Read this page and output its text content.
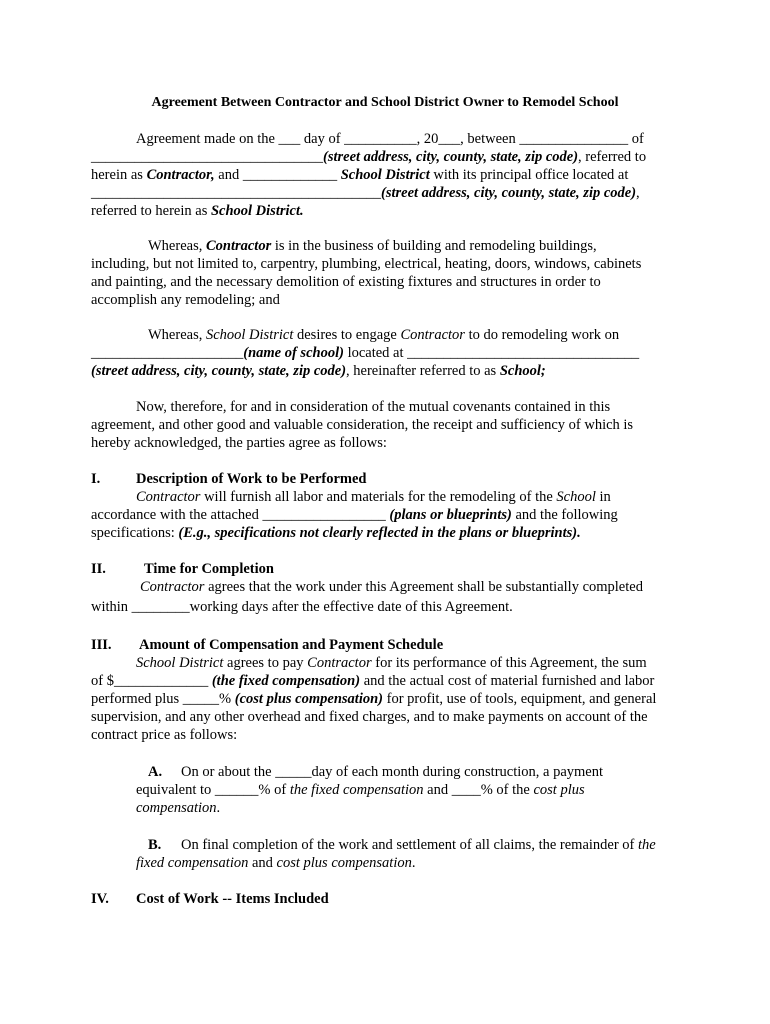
Agreement Between Contractor and School District Owner to Remodel School
Agreement made on the ___ day of __________, 20___, between _______________ of
________________________________(street address, city, county, state, zip code), referred to
herein as Contractor, and _____________ School District with its principal office located at
________________________________________(street address, city, county, state, zip code),
referred to herein as School District.
Whereas, Contractor is in the business of building and remodeling buildings,
including, but not limited to, carpentry, plumbing, electrical, heating, doors, windows, cabinets
and painting, and the necessary demolition of existing fixtures and structures in order to
accomplish any remodeling; and
Whereas, School District desires to engage Contractor to do remodeling work on
_____________________(name of school) located at ________________________________
(street address, city, county, state, zip code), hereinafter referred to as School;
Now, therefore, for and in consideration of the mutual covenants contained in this
agreement, and other good and valuable consideration, the receipt and sufficiency of which is
hereby acknowledged, the parties agree as follows:
I. Description of Work to be Performed
Contractor will furnish all labor and materials for the remodeling of the School in
accordance with the attached _________________ (plans or blueprints) and the following
specifications: (E.g., specifications not clearly reflected in the plans or blueprints).
II.	Time for Completion
Contractor agrees that the work under this Agreement shall be substantially completed
within ________working days after the effective date of this Agreement.
III. Amount of Compensation and Payment Schedule
School District agrees to pay Contractor for its performance of this Agreement, the sum
of $_____________ (the fixed compensation) and the actual cost of material furnished and labor
performed plus _____% (cost plus compensation) for profit, use of tools, equipment, and general
supervision, and any other overhead and fixed charges, and to make payments on account of the
contract price as follows:
A. On or about the _____day of each month during construction, a payment
equivalent to ______% of the fixed compensation and ____% of the cost plus
compensation.
B. On final completion of the work and settlement of all claims, the remainder of the
fixed compensation and cost plus compensation.
IV. Cost of Work -- Items Included
